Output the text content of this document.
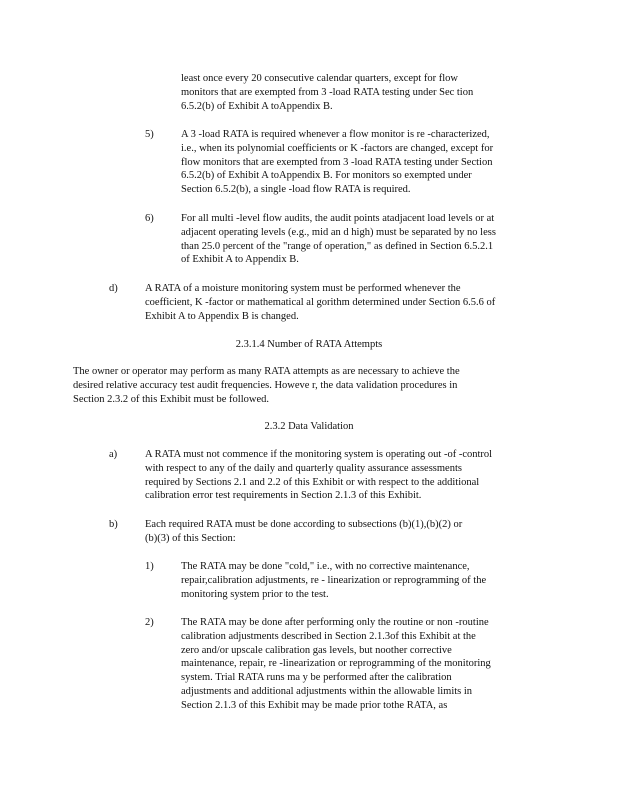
least once every 20 consecutive calendar quarters, except for flow
monitors that are exempted from 3 -load RATA testing under Sec tion
6.5.2(b) of Exhibit A toAppendix B.
5)	A 3 -load RATA is required whenever a flow monitor is re -characterized,
i.e., when its polynomial coefficients or K -factors are changed, except for
flow monitors that are exempted from 3 -load RATA testing under Section
6.5.2(b) of Exhibit A toAppendix B. For monitors so exempted under
Section 6.5.2(b), a single -load flow RATA is required.
6)	For all multi -level flow audits, the audit points atadjacent load levels or at
adjacent operating levels (e.g., mid an d high) must be separated by no less
than 25.0 percent of the "range of operation," as defined in Section 6.5.2.1
of Exhibit A to Appendix B.
d)	A RATA of a moisture monitoring system must be performed whenever the
coefficient, K -factor or mathematical al gorithm determined under Section 6.5.6 of
Exhibit A to Appendix B is changed.
2.3.1.4 Number of RATA Attempts
The owner or operator may perform as many RATA attempts as are necessary to achieve the
desired relative accuracy test audit frequencies. Howeve r, the data validation procedures in
Section 2.3.2 of this Exhibit must be followed.
2.3.2 Data Validation
a)	A RATA must not commence if the monitoring system is operating out -of -control
with respect to any of the daily and quarterly quality assurance assessments
required by Sections 2.1 and 2.2 of this Exhibit or with respect to the additional
calibration error test requirements in Section 2.1.3 of this Exhibit.
b)	Each required RATA must be done according to subsections (b)(1),(b)(2) or
(b)(3) of this Section:
1)	The RATA may be done "cold," i.e., with no corrective maintenance,
repair,calibration adjustments, re - linearization or reprogramming of the
monitoring system prior to the test.
2)	The RATA may be done after performing only the routine or non -routine
calibration adjustments described in Section 2.1.3of this Exhibit at the
zero and/or upscale calibration gas levels, but noother corrective
maintenance, repair, re -linearization or reprogramming of the monitoring
system. Trial RATA runs ma y be performed after the calibration
adjustments and additional adjustments within the allowable limits in
Section 2.1.3 of this Exhibit may be made prior tothe RATA, as
